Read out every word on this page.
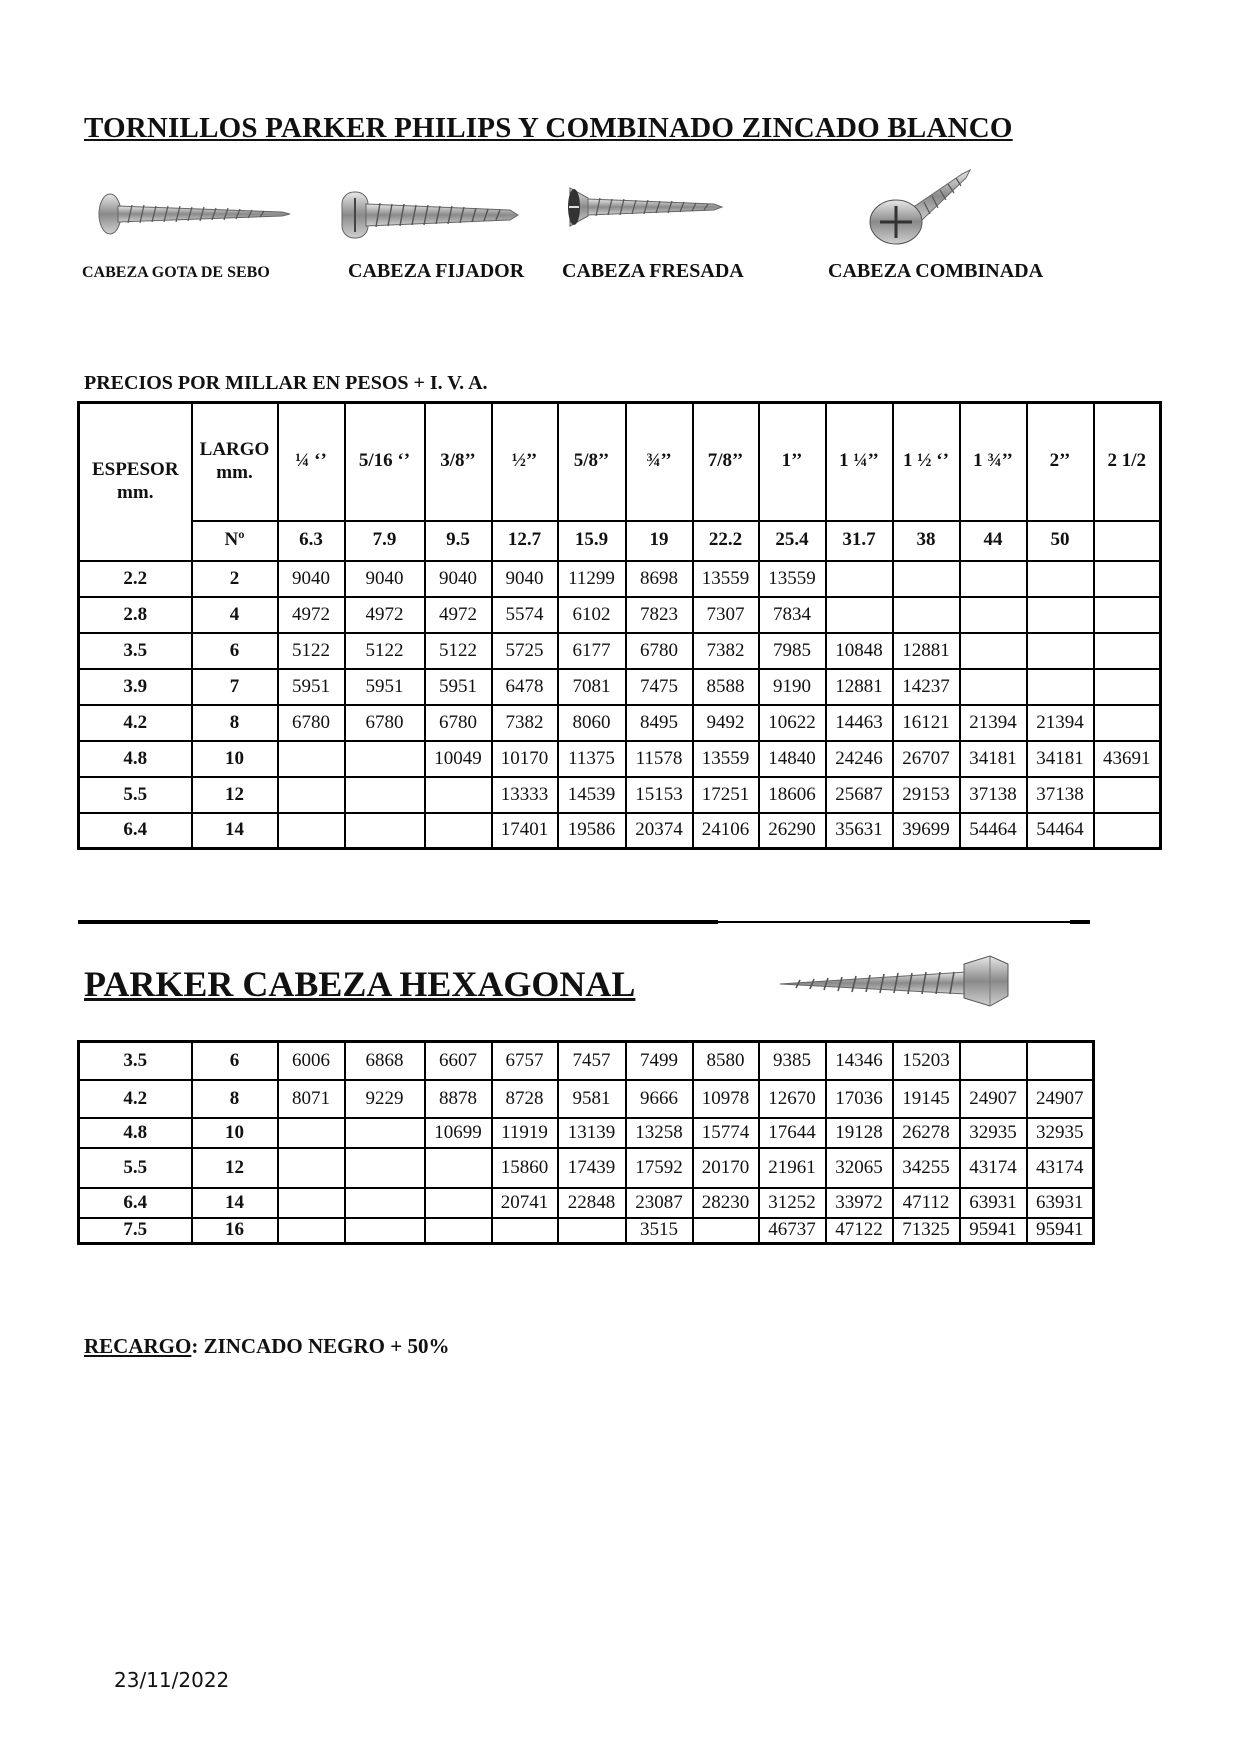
TORNILLOS PARKER PHILIPS Y COMBINADO ZINCADO BLANCO
CABEZA GOTA DE SEBO	CABEZA FIJADOR CABEZA FRESADA	CABEZA COMBINADA
PRECIOS POR MILLAR EN PESOS + I. V. A.
ESPESOR mm.	LARGO mm.	¼ ‘’	5/16 ‘’	3/8’’	½’’	5/8’’	¾’’	7/8’’	1’’	1 ¼’’	1 ½ ‘’	1 ¾’’	2’’	2 1/2
	Nº	6.3	7.9	9.5	12.7	15.9	19	22.2	25.4	31.7	38	44	50	
2.2	2	9040	9040	9040	9040	11299	8698	13559	13559					
2.8	4	4972	4972	4972	5574	6102	7823	7307	7834					
3.5	6	5122	5122	5122	5725	6177	6780	7382	7985	10848	12881			
3.9	7	5951	5951	5951	6478	7081	7475	8588	9190	12881	14237			
4.2	8	6780	6780	6780	7382	8060	8495	9492	10622	14463	16121	21394	21394	
4.8	10			10049	10170	11375	11578	13559	14840	24246	26707	34181	34181	43691
5.5	12				13333	14539	15153	17251	18606	25687	29153	37138	37138	
6.4	14				17401	19586	20374	24106	26290	35631	39699	54464	54464	
PARKER CABEZA HEXAGONAL
3.5	6	6006	6868	6607	6757	7457	7499	8580	9385	14346	15203		
4.2	8	8071	9229	8878	8728	9581	9666	10978	12670	17036	19145	24907	24907
4.8	10			10699	11919	13139	13258	15774	17644	19128	26278	32935	32935
5.5	12				15860	17439	17592	20170	21961	32065	34255	43174	43174
6.4	14				20741	22848	23087	28230	31252	33972	47112	63931	63931
7.5	16						3515		46737	47122	71325	95941	95941
RECARGO: ZINCADO NEGRO + 50%
23/11/2022
